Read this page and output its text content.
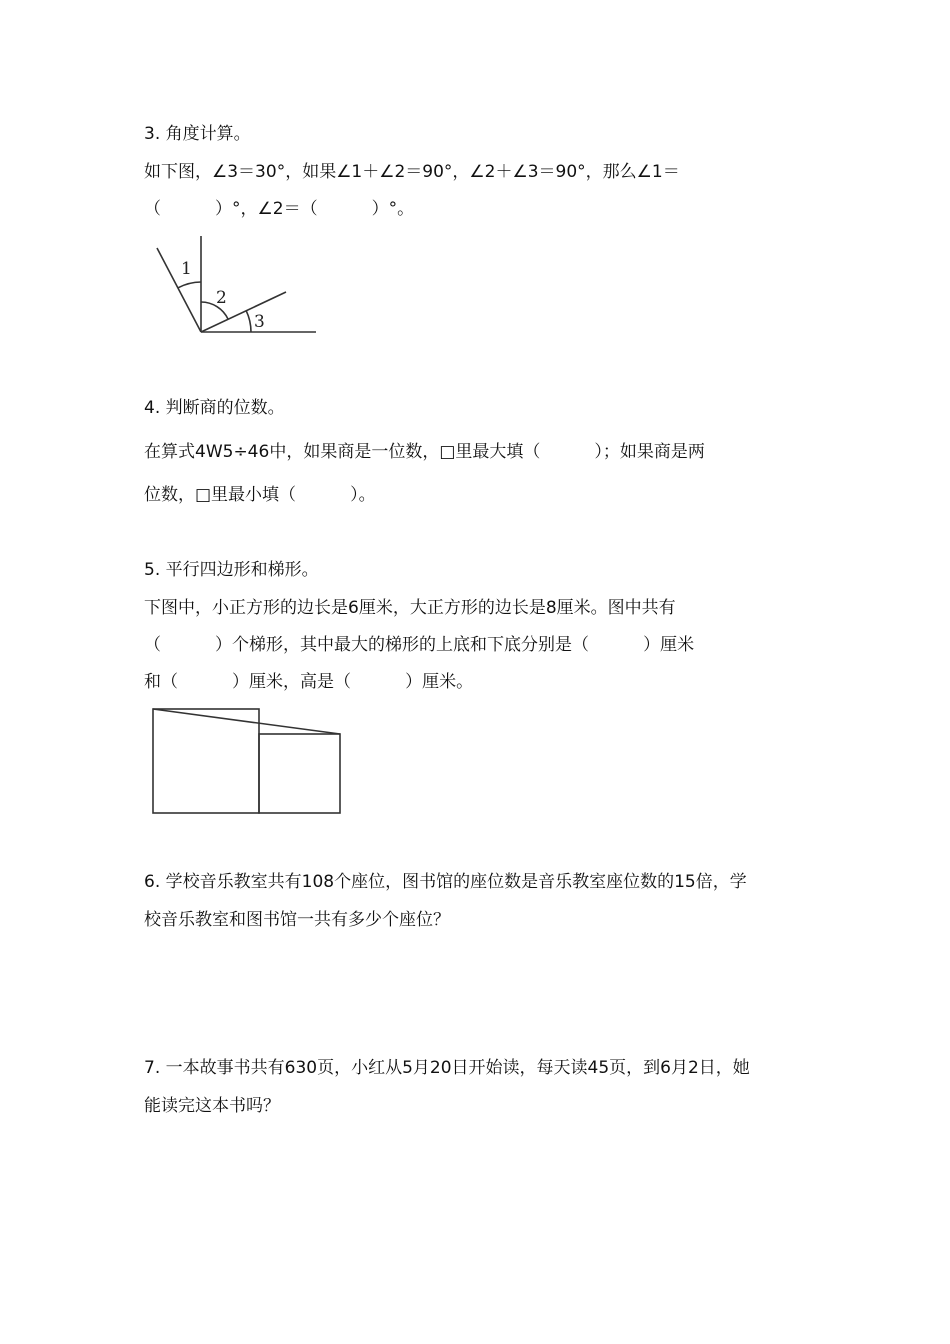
3. 角度计算。
如下图，∠3＝30°，如果∠1＋∠2＝90°，∠2＋∠3＝90°，那么∠1＝
（          ）°，∠2＝（          ）°。
1
2
3
4. 判断商的位数。
在算式4W5÷46中，如果商是一位数，□里最大填（          ）；如果商是两
位数，□里最小填（          ）。
5. 平行四边形和梯形。
下图中，小正方形的边长是6厘米，大正方形的边长是8厘米。图中共有
（          ）个梯形，其中最大的梯形的上底和下底分别是（          ）厘米
和（          ）厘米，高是（          ）厘米。
6. 学校音乐教室共有108个座位，图书馆的座位数是音乐教室座位数的15倍，学
校音乐教室和图书馆一共有多少个座位？
7. 一本故事书共有630页，小红从5月20日开始读，每天读45页，到6月2日，她
能读完这本书吗？
